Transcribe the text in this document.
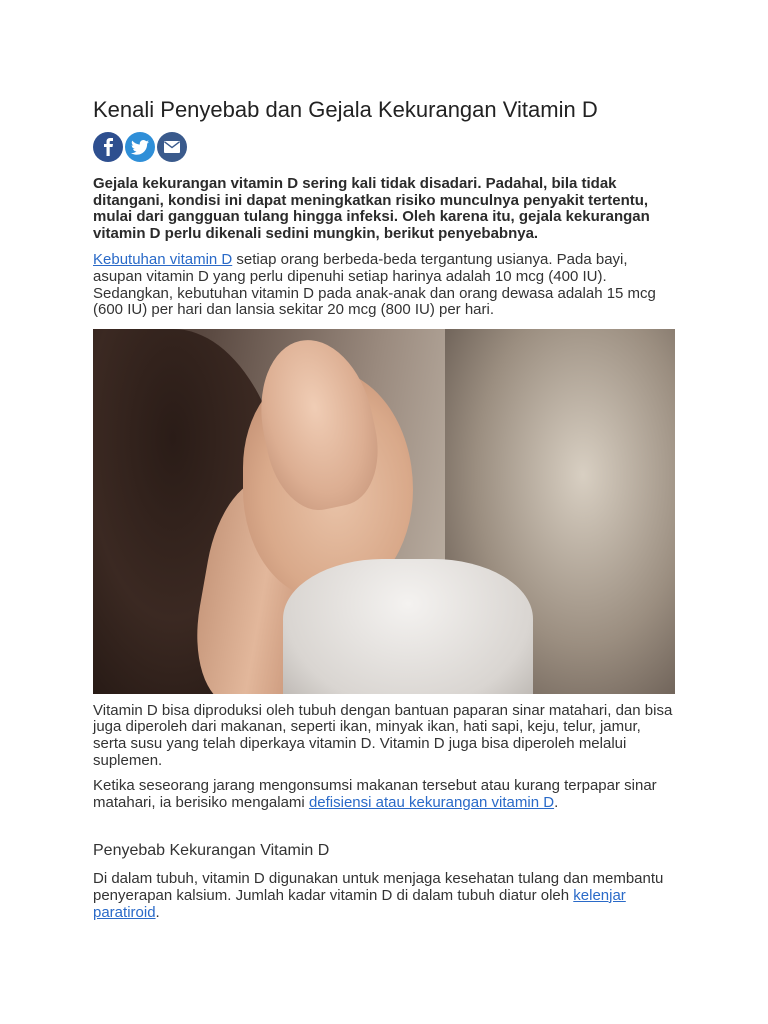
Kenali Penyebab dan Gejala Kekurangan Vitamin D

Gejala kekurangan vitamin D sering kali tidak disadari. Padahal, bila tidak ditangani, kondisi ini dapat meningkatkan risiko munculnya penyakit tertentu, mulai dari gangguan tulang hingga infeksi. Oleh karena itu, gejala kekurangan vitamin D perlu dikenali sedini mungkin, berikut penyebabnya.

Kebutuhan vitamin D setiap orang berbeda-beda tergantung usianya. Pada bayi, asupan vitamin D yang perlu dipenuhi setiap harinya adalah 10 mcg (400 IU). Sedangkan, kebutuhan vitamin D pada anak-anak dan orang dewasa adalah 15 mcg (600 IU) per hari dan lansia sekitar 20 mcg (800 IU) per hari.

Vitamin D bisa diproduksi oleh tubuh dengan bantuan paparan sinar matahari, dan bisa juga diperoleh dari makanan, seperti ikan, minyak ikan, hati sapi, keju, telur, jamur, serta susu yang telah diperkaya vitamin D. Vitamin D juga bisa diperoleh melalui suplemen.

Ketika seseorang jarang mengonsumsi makanan tersebut atau kurang terpapar sinar matahari, ia berisiko mengalami defisiensi atau kekurangan vitamin D.

Penyebab Kekurangan Vitamin D

Di dalam tubuh, vitamin D digunakan untuk menjaga kesehatan tulang dan membantu penyerapan kalsium. Jumlah kadar vitamin D di dalam tubuh diatur oleh kelenjar paratiroid.
